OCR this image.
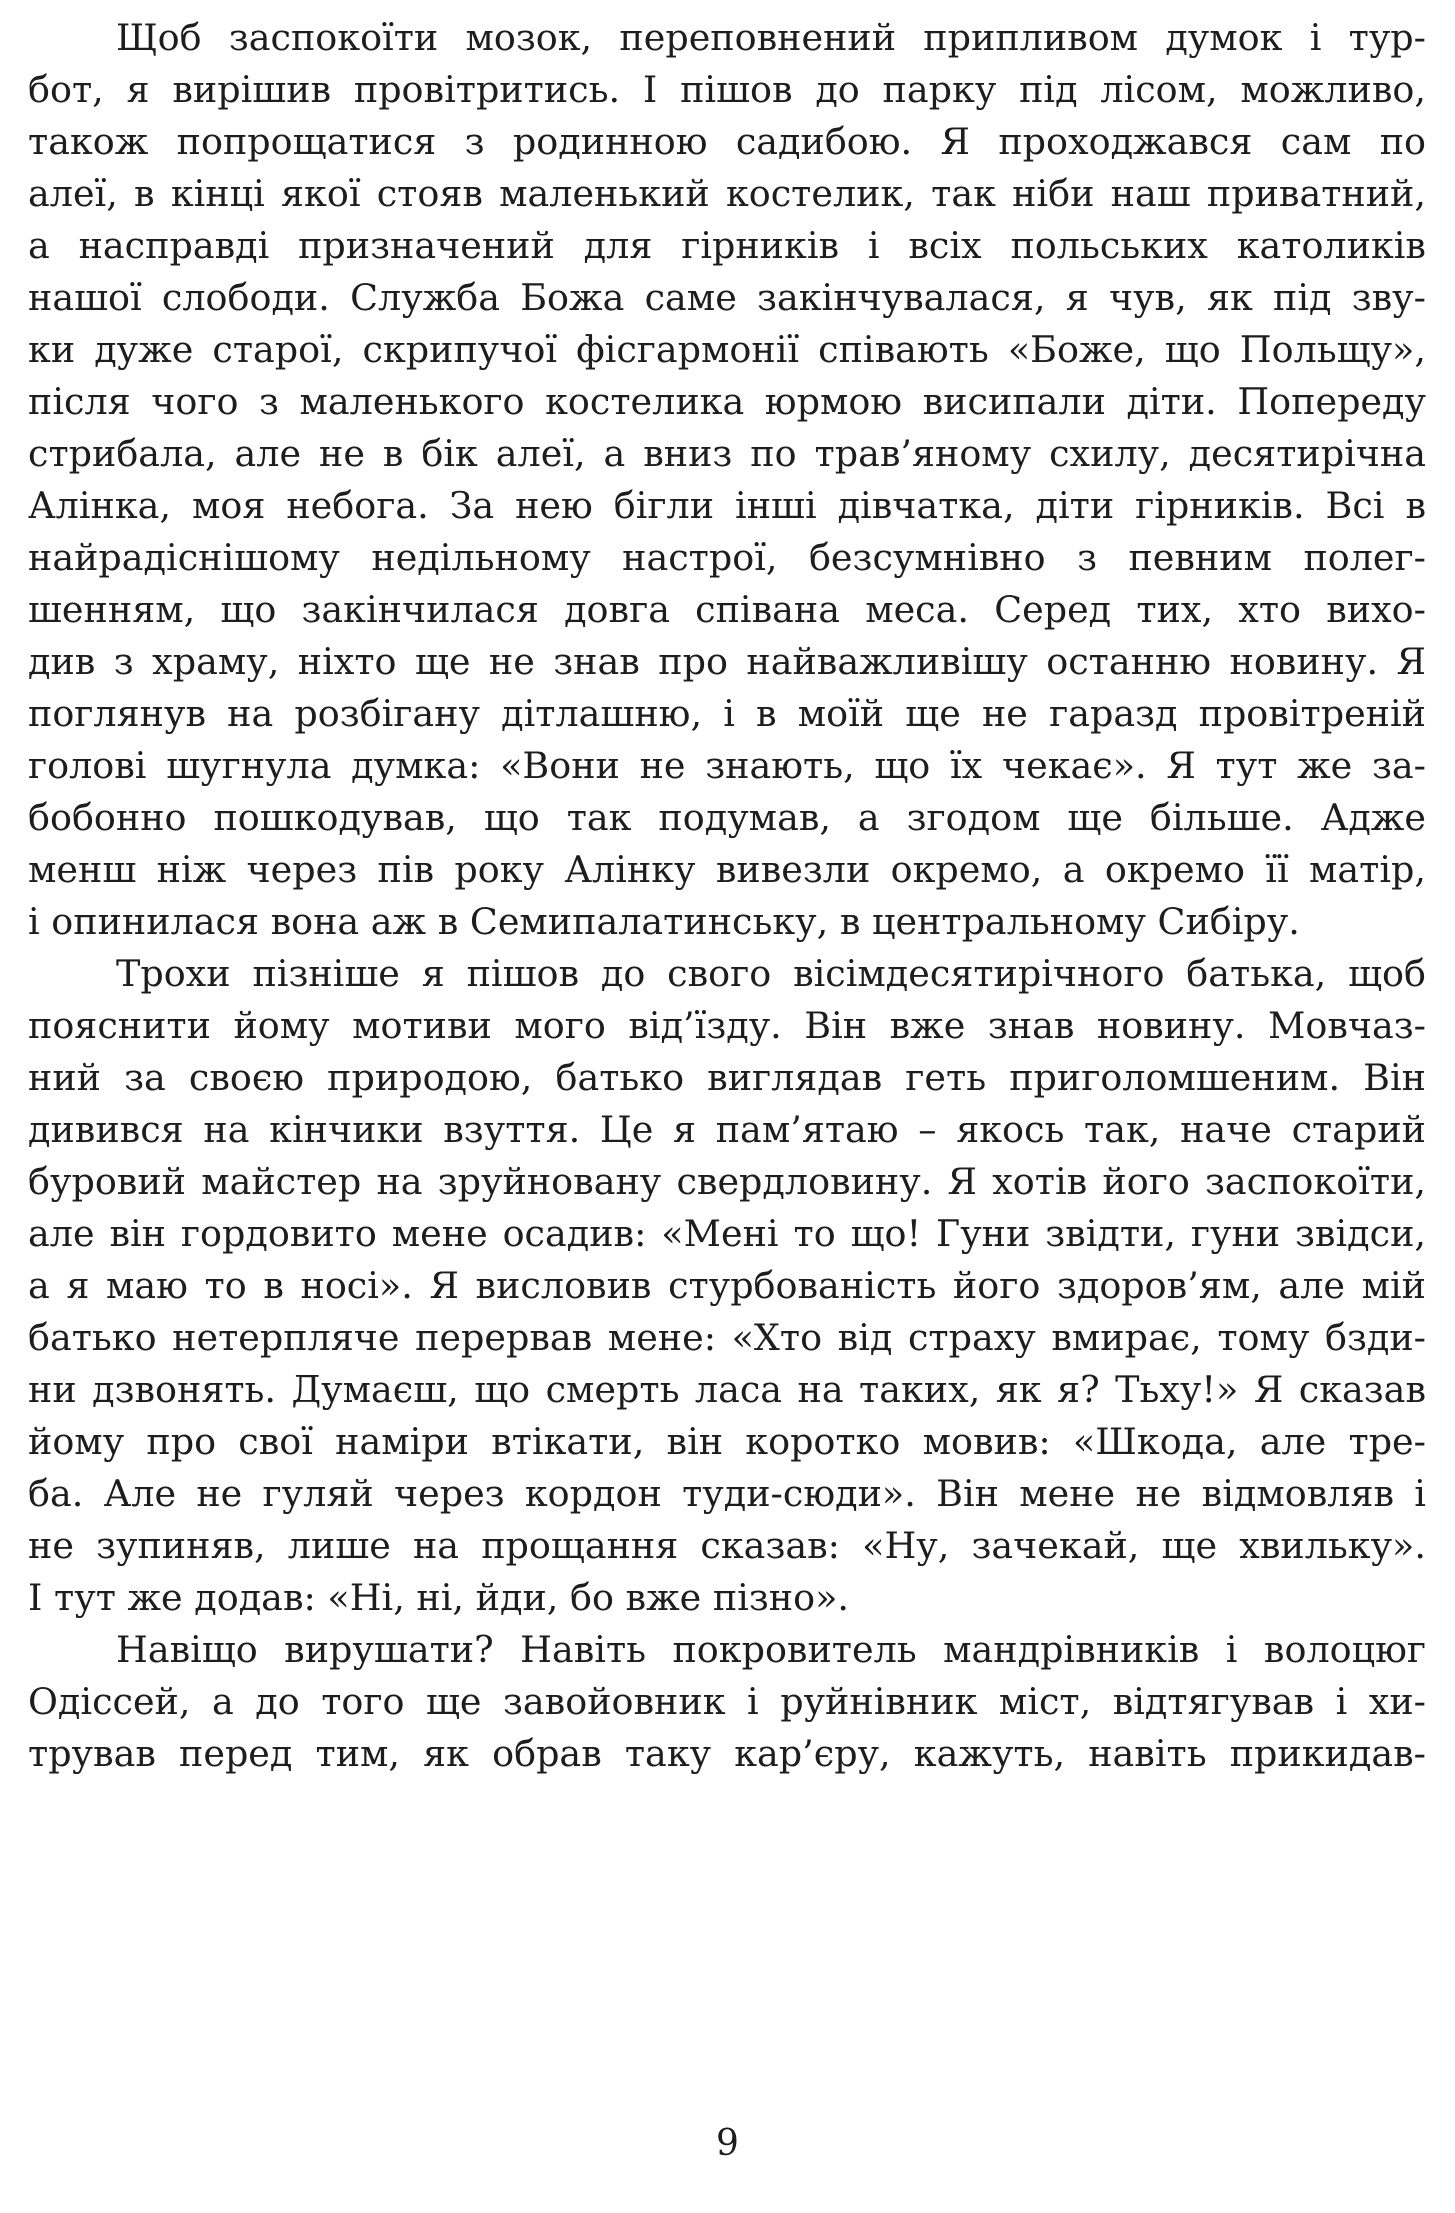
Щоб заспокоїти мозок, переповнений припливом думок і тур-
бот, я вирішив провітритись. І пішов до парку під лісом, можливо,
також попрощатися з родинною садибою. Я проходжався сам по
алеї, в кінці якої стояв маленький костелик, так ніби наш приватний,
а насправді призначений для гірників і всіх польських католиків
нашої слободи. Служба Божа саме закінчувалася, я чув, як під зву-
ки дуже старої, скрипучої фісгармонії співають «Боже, що Польщу»,
після чого з маленького костелика юрмою висипали діти. Попереду
стрибала, але не в бік алеї, а вниз по трав’яному схилу, десятирічна
Алінка, моя небога. За нею бігли інші дівчатка, діти гірників. Всі в
найрадіснішому недільному настрої, безсумнівно з певним полег-
шенням, що закінчилася довга співана меса. Серед тих, хто вихо-
див з храму, ніхто ще не знав про найважливішу останню новину. Я
поглянув на розбігану дітлашню, і в моїй ще не гаразд провітреній
голові шугнула думка: «Вони не знають, що їх чекає». Я тут же за-
бобонно пошкодував, що так подумав, а згодом ще більше. Адже
менш ніж через пів року Алінку вивезли окремо, а окремо її матір,
і опинилася вона аж в Семипалатинську, в центральному Сибіру.
Трохи пізніше я пішов до свого вісімдесятирічного батька, щоб
пояснити йому мотиви мого від’їзду. Він вже знав новину. Мовчаз-
ний за своєю природою, батько виглядав геть приголомшеним. Він
дивився на кінчики взуття. Це я пам’ятаю – якось так, наче старий
буровий майстер на зруйновану свердловину. Я хотів його заспокоїти,
але він гордовито мене осадив: «Мені то що! Гуни звідти, гуни звідси,
а я маю то в носі». Я висловив стурбованість його здоров’ям, але мій
батько нетерпляче перервав мене: «Хто від страху вмирає, тому бзди-
ни дзвонять. Думаєш, що смерть ласа на таких, як я? Тьху!» Я сказав
йому про свої наміри втікати, він коротко мовив: «Шкода, але тре-
ба. Але не гуляй через кордон туди-сюди». Він мене не відмовляв і
не зупиняв, лише на прощання сказав: «Ну, зачекай, ще хвильку».
І тут же додав: «Ні, ні, йди, бо вже пізно».
Навіщо вирушати? Навіть покровитель мандрівників і волоцюг
Одіссей, а до того ще завойовник і руйнівник міст, відтягував і хи-
трував перед тим, як обрав таку кар’єру, кажуть, навіть прикидав-
9
